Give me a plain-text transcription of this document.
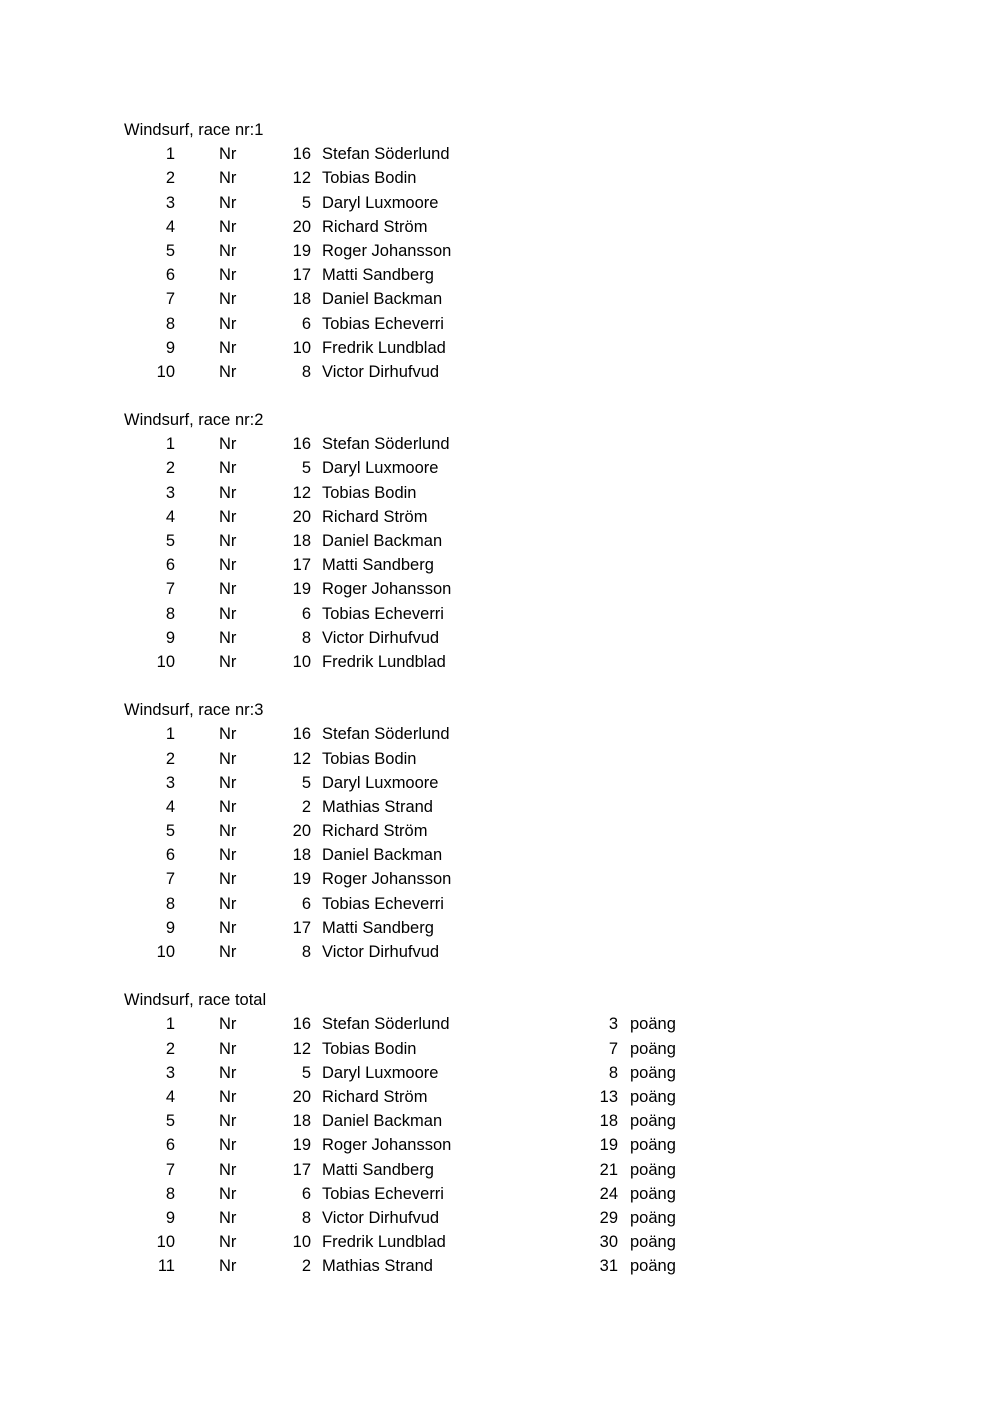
Windsurf, race nr:1
1	Nr	16 Stefan Söderlund
2	Nr	12 Tobias Bodin
3	Nr	5 Daryl Luxmoore
4	Nr	20 Richard Ström
5	Nr	19 Roger Johansson
6	Nr	17 Matti Sandberg
7	Nr	18 Daniel Backman
8	Nr	6 Tobias Echeverri
9	Nr	10 Fredrik Lundblad
10	Nr	8 Victor Dirhufvud
Windsurf, race nr:2
1	Nr	16 Stefan Söderlund
2	Nr	5 Daryl Luxmoore
3	Nr	12 Tobias Bodin
4	Nr	20 Richard Ström
5	Nr	18 Daniel Backman
6	Nr	17 Matti Sandberg
7	Nr	19 Roger Johansson
8	Nr	6 Tobias Echeverri
9	Nr	8 Victor Dirhufvud
10	Nr	10 Fredrik Lundblad
Windsurf, race nr:3
1	Nr	16 Stefan Söderlund
2	Nr	12 Tobias Bodin
3	Nr	5 Daryl Luxmoore
4	Nr	2 Mathias Strand
5	Nr	20 Richard Ström
6	Nr	18 Daniel Backman
7	Nr	19 Roger Johansson
8	Nr	6 Tobias Echeverri
9	Nr	17 Matti Sandberg
10	Nr	8 Victor Dirhufvud
Windsurf, race total
1	Nr	16 Stefan Söderlund	3 poäng
2	Nr	12 Tobias Bodin	7 poäng
3	Nr	5 Daryl Luxmoore	8 poäng
4	Nr	20 Richard Ström	13 poäng
5	Nr	18 Daniel Backman	18 poäng
6	Nr	19 Roger Johansson	19 poäng
7	Nr	17 Matti Sandberg	21 poäng
8	Nr	6 Tobias Echeverri	24 poäng
9	Nr	8 Victor Dirhufvud	29 poäng
10	Nr	10 Fredrik Lundblad	30 poäng
11	Nr	2 Mathias Strand	31 poäng
